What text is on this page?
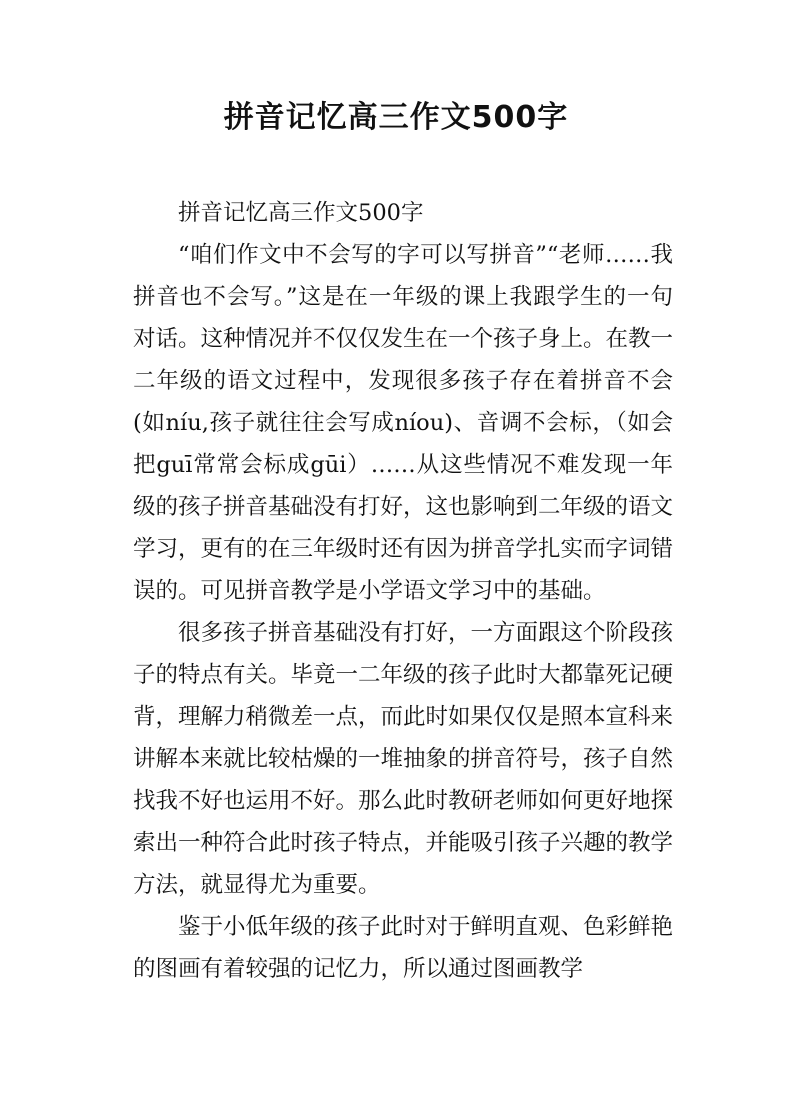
拼音记忆高三作文500字

拼音记忆高三作文500字

“咱们作文中不会写的字可以写拼音”“老师……我拼音也不会写。”这是在一年级的课上我跟学生的一句对话。这种情况并不仅仅发生在一个孩子身上。在教一二年级的语文过程中，发现很多孩子存在着拼音不会(如níu,孩子就往往会写成níou)、音调不会标，（如会把guī常常会标成gūi）……从这些情况不难发现一年级的孩子拼音基础没有打好，这也影响到二年级的语文学习，更有的在三年级时还有因为拼音学扎实而字词错误的。可见拼音教学是小学语文学习中的基础。

很多孩子拼音基础没有打好，一方面跟这个阶段孩子的特点有关。毕竟一二年级的孩子此时大都靠死记硬背，理解力稍微差一点，而此时如果仅仅是照本宣科来讲解本来就比较枯燥的一堆抽象的拼音符号，孩子自然找我不好也运用不好。那么此时教研老师如何更好地探索出一种符合此时孩子特点，并能吸引孩子兴趣的教学方法，就显得尤为重要。

鉴于小低年级的孩子此时对于鲜明直观、色彩鲜艳的图画有着较强的记忆力，所以通过图画教学
